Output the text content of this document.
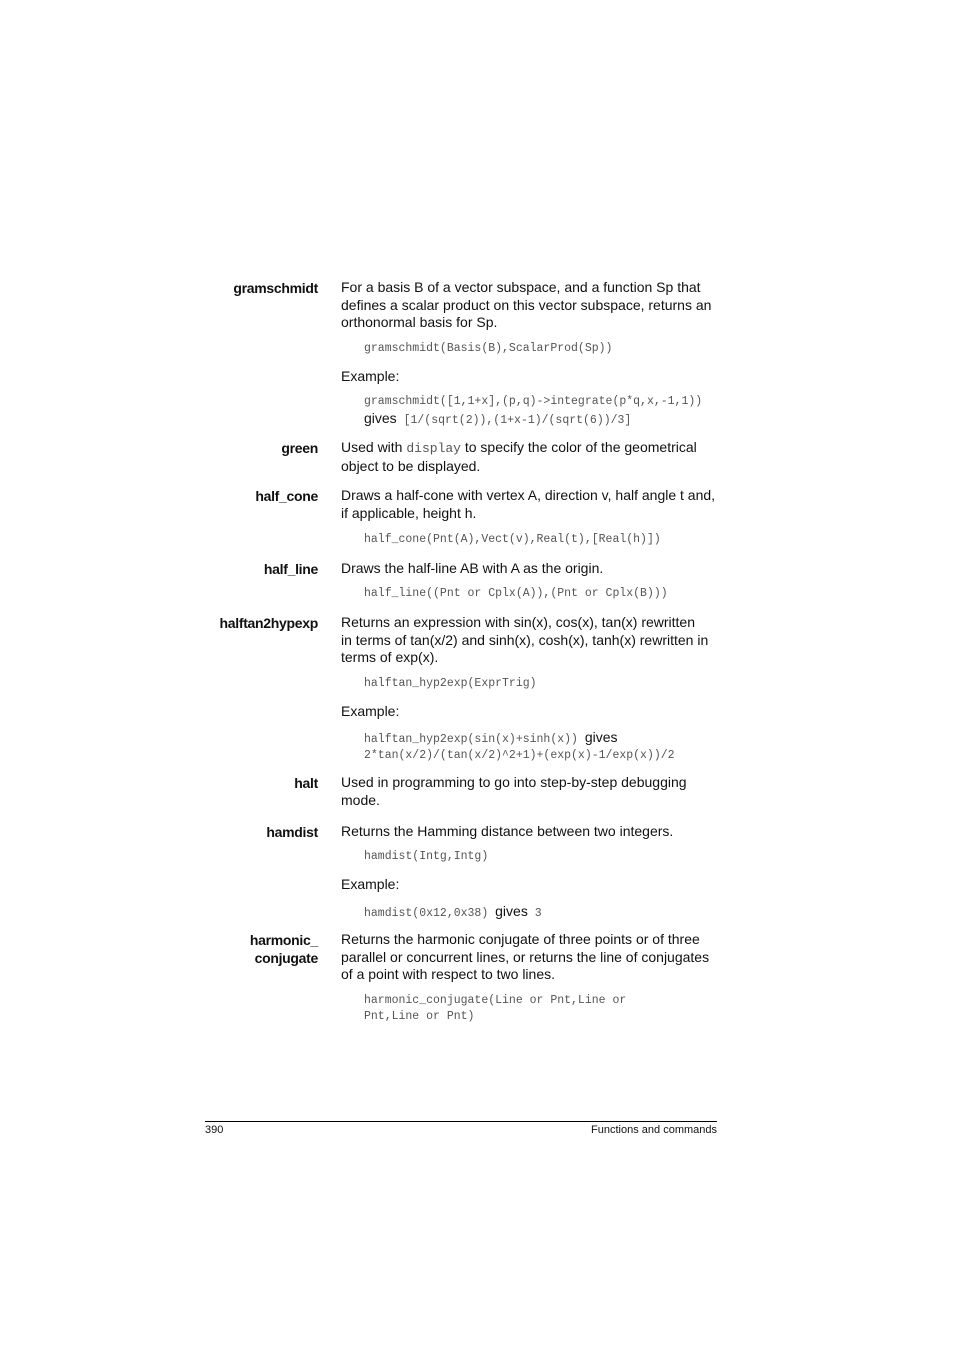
gramschmidt For a basis B of a vector subspace, and a function Sp that defines a scalar product on this vector subspace, returns an orthonormal basis for Sp.
gramschmidt(Basis(B),ScalarProd(Sp))
Example:
gramschmidt([1,1+x],(p,q)->integrate(p*q,x,-1,1)) gives [1/(sqrt(2)),(1+x-1)/(sqrt(6))/3]
green Used with display to specify the color of the geometrical object to be displayed.
half_cone Draws a half-cone with vertex A, direction v, half angle t and, if applicable, height h.
half_cone(Pnt(A),Vect(v),Real(t),[Real(h)])
half_line Draws the half-line AB with A as the origin.
half_line((Pnt or Cplx(A)),(Pnt or Cplx(B)))
halftan2hypexp Returns an expression with sin(x), cos(x), tan(x) rewritten in terms of tan(x/2) and sinh(x), cosh(x), tanh(x) rewritten in terms of exp(x).
halftan_hyp2exp(ExprTrig)
Example:
halftan_hyp2exp(sin(x)+sinh(x)) gives 2*tan(x/2)/(tan(x/2)^2+1)+(exp(x)-1/exp(x))/2
halt Used in programming to go into step-by-step debugging mode.
hamdist Returns the Hamming distance between two integers.
hamdist(Intg,Intg)
Example:
hamdist(0x12,0x38) gives 3
harmonic_ conjugate
Returns the harmonic conjugate of three points or of three parallel or concurrent lines, or returns the line of conjugates of a point with respect to two lines.
harmonic_conjugate(Line or Pnt,Line or Pnt,Line or Pnt)
390	Functions and commands
